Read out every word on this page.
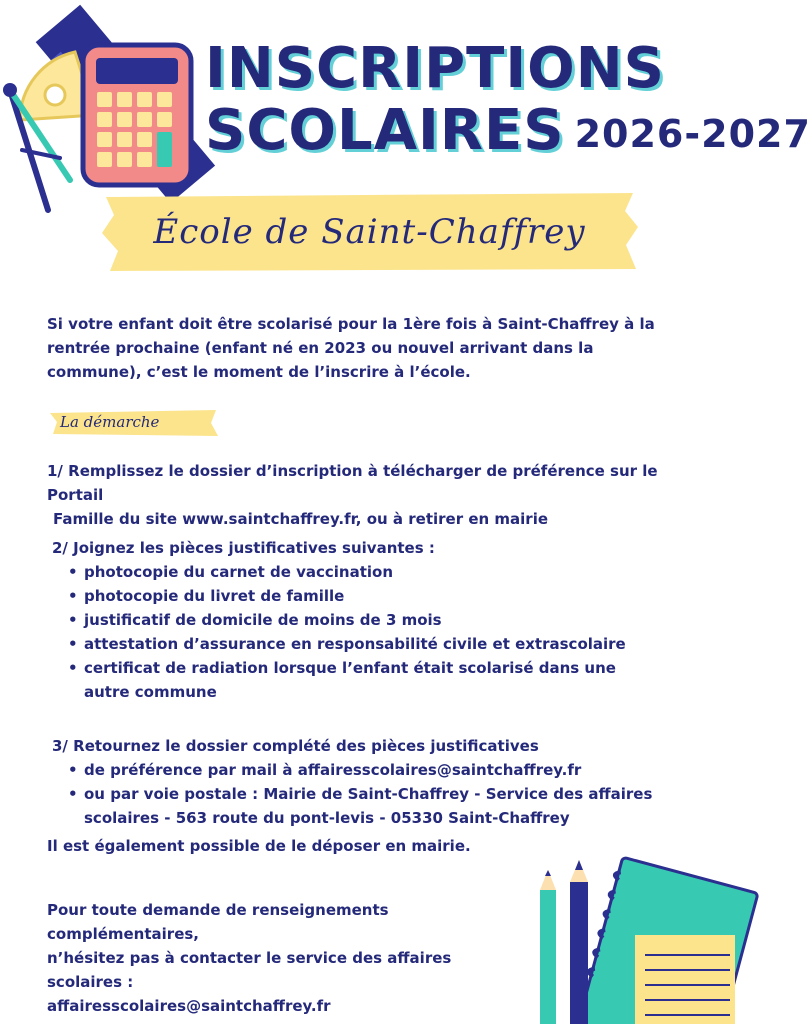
INSCRIPTIONS
SCOLAIRES 2026-2027
École de Saint-Chaffrey
Si votre enfant doit être scolarisé pour la 1ère fois à Saint-Chaffrey à la rentrée prochaine (enfant né en 2023 ou nouvel arrivant dans la commune), c’est le moment de l’inscrire à l’école.
La démarche
1/ Remplissez le dossier d’inscription à télécharger de préférence sur le Portail
Famille du site www.saintchaffrey.fr, ou à retirer en mairie
2/ Joignez les pièces justificatives suivantes :
• photocopie du carnet de vaccination
• photocopie du livret de famille
• justificatif de domicile de moins de 3 mois
• attestation d’assurance en responsabilité civile et extrascolaire
• certificat de radiation lorsque l’enfant était scolarisé dans une autre commune
3/ Retournez le dossier complété des pièces justificatives
• de préférence par mail à affairesscolaires@saintchaffrey.fr
• ou par voie postale : Mairie de Saint-Chaffrey - Service des affaires scolaires - 563 route du pont-levis - 05330 Saint-Chaffrey
Il est également possible de le déposer en mairie.
Pour toute demande de renseignements complémentaires,
n’hésitez pas à contacter le service des affaires scolaires :
affairesscolaires@saintchaffrey.fr
